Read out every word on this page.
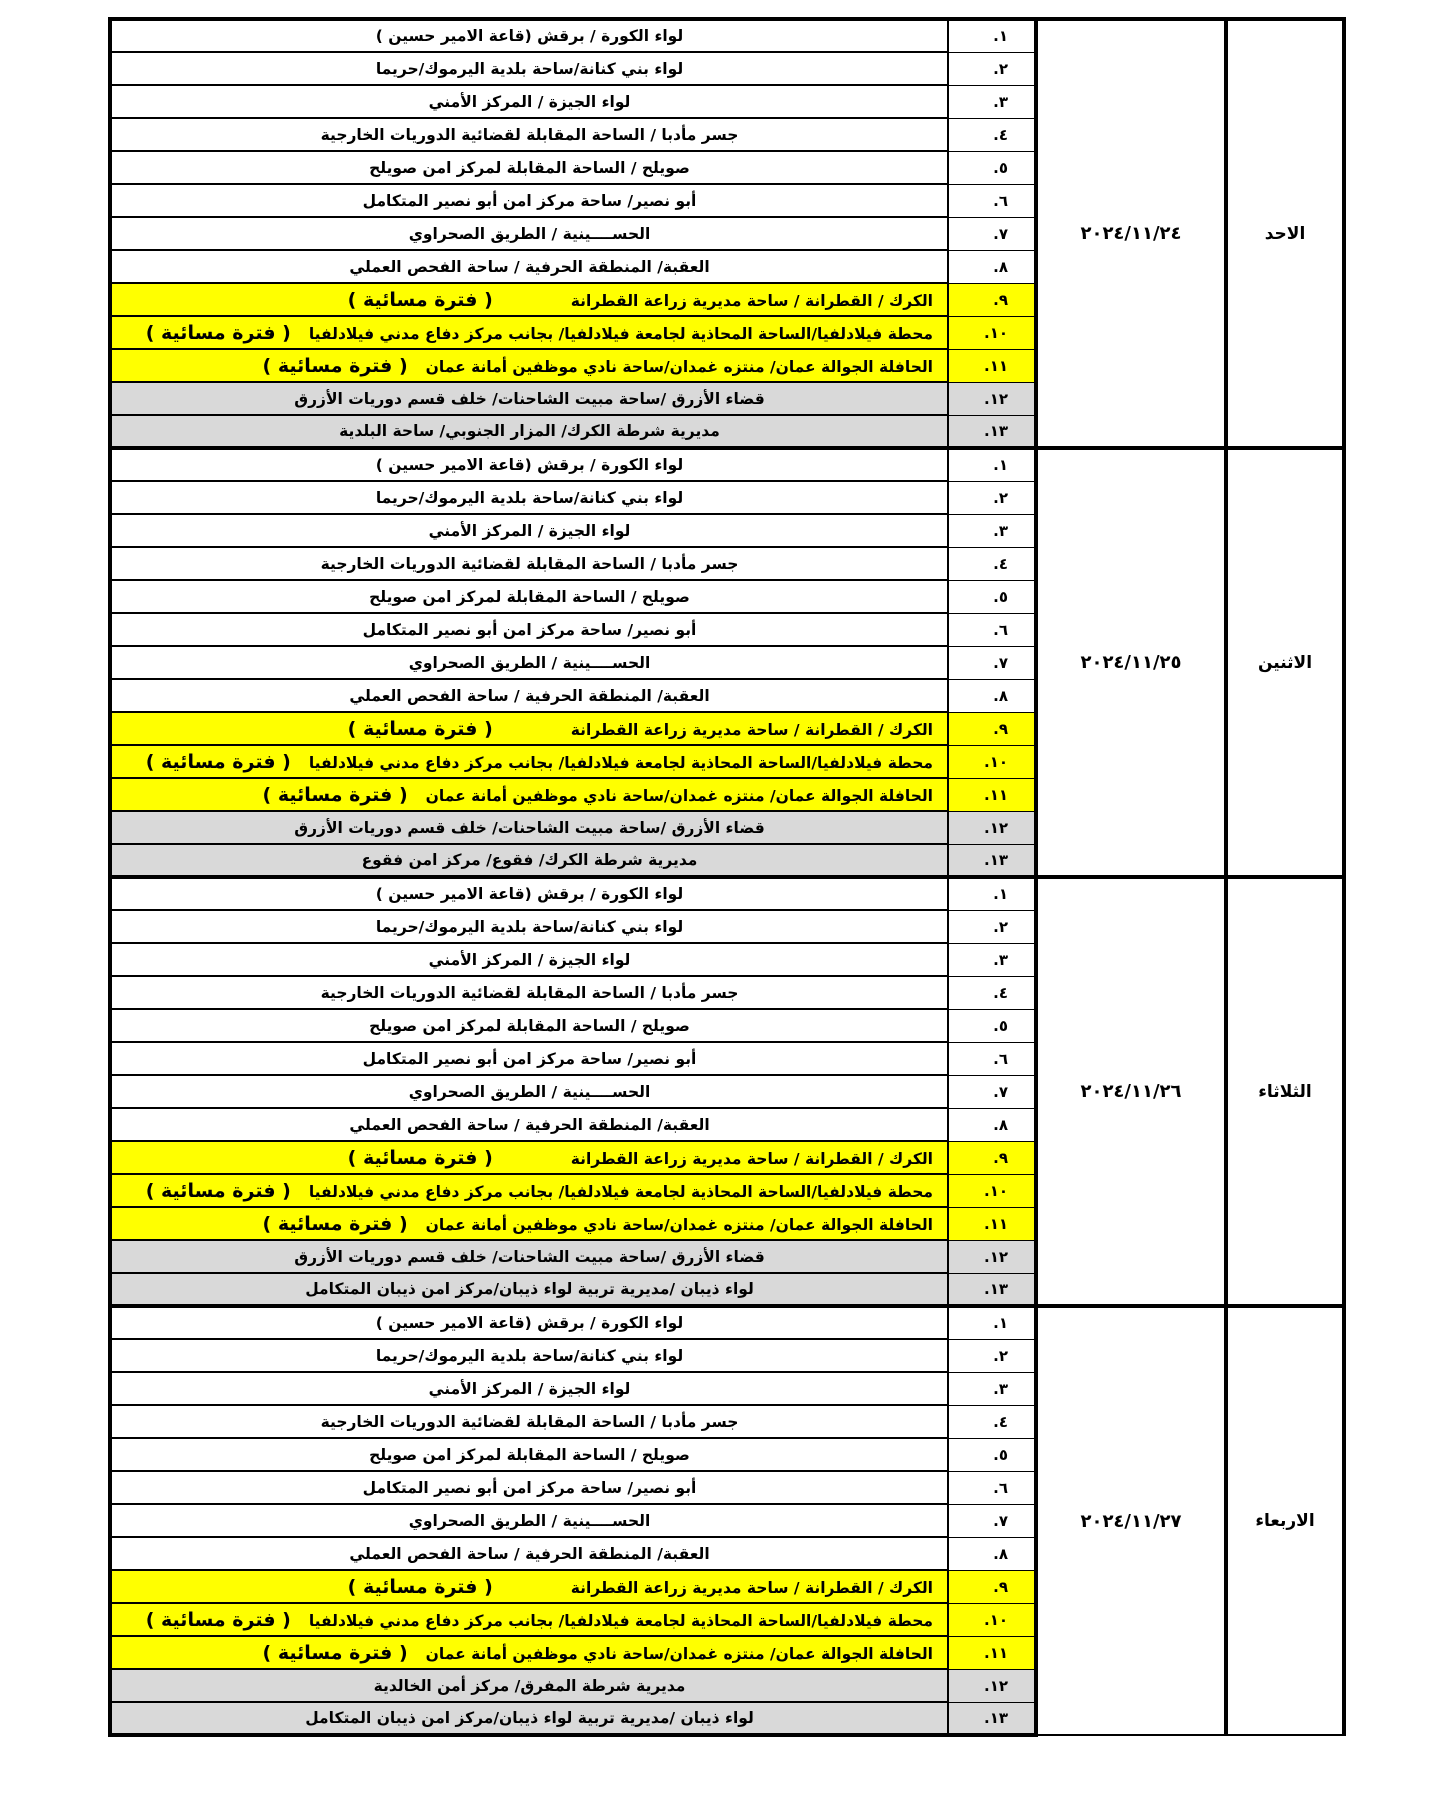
الاحد	٢٠٢٤/١١/٢٤	١.	لواء الكورة / برقش (قاعة الامير حسين )
		٢.	لواء بني كنانة/ساحة بلدية اليرموك/حريما
		٣.	لواء الجيزة / المركز الأمني
		٤.	جسر مأدبا / الساحة المقابلة لقضائية الدوريات الخارجية
		٥.	صويلح / الساحة المقابلة لمركز امن صويلح
		٦.	أبو نصير/ ساحة مركز امن أبو نصير المتكامل
		٧.	الحســــينية / الطريق الصحراوي
		٨.	العقبة/ المنطقة الحرفية / ساحة الفحص العملي
		٩.	الكرك / القطرانة / ساحة مديرية زراعة القطرانة( فترة مسائية )
		١٠.	محطة فيلادلفيا/الساحة المحاذية لجامعة فيلادلفيا/ بجانب مركز دفاع مدني فيلادلفيا( فترة مسائية )
		١١.	الحافلة الجوالة عمان/ منتزه غمدان/ساحة نادي موظفين أمانة عمان( فترة مسائية )
		١٢.	قضاء الأزرق /ساحة مبيت الشاحنات/ خلف قسم دوريات الأزرق
		١٣.	مديرية شرطة الكرك/ المزار الجنوبي/ ساحة البلدية
الاثنين	٢٠٢٤/١١/٢٥	١.	لواء الكورة / برقش (قاعة الامير حسين )
		٢.	لواء بني كنانة/ساحة بلدية اليرموك/حريما
		٣.	لواء الجيزة / المركز الأمني
		٤.	جسر مأدبا / الساحة المقابلة لقضائية الدوريات الخارجية
		٥.	صويلح / الساحة المقابلة لمركز امن صويلح
		٦.	أبو نصير/ ساحة مركز امن أبو نصير المتكامل
		٧.	الحســــينية / الطريق الصحراوي
		٨.	العقبة/ المنطقة الحرفية / ساحة الفحص العملي
		٩.	الكرك / القطرانة / ساحة مديرية زراعة القطرانة( فترة مسائية )
		١٠.	محطة فيلادلفيا/الساحة المحاذية لجامعة فيلادلفيا/ بجانب مركز دفاع مدني فيلادلفيا( فترة مسائية )
		١١.	الحافلة الجوالة عمان/ منتزه غمدان/ساحة نادي موظفين أمانة عمان( فترة مسائية )
		١٢.	قضاء الأزرق /ساحة مبيت الشاحنات/ خلف قسم دوريات الأزرق
		١٣.	مديرية شرطة الكرك/ فقوع/ مركز امن فقوع
الثلاثاء	٢٠٢٤/١١/٢٦	١.	لواء الكورة / برقش (قاعة الامير حسين )
		٢.	لواء بني كنانة/ساحة بلدية اليرموك/حريما
		٣.	لواء الجيزة / المركز الأمني
		٤.	جسر مأدبا / الساحة المقابلة لقضائية الدوريات الخارجية
		٥.	صويلح / الساحة المقابلة لمركز امن صويلح
		٦.	أبو نصير/ ساحة مركز امن أبو نصير المتكامل
		٧.	الحســــينية / الطريق الصحراوي
		٨.	العقبة/ المنطقة الحرفية / ساحة الفحص العملي
		٩.	الكرك / القطرانة / ساحة مديرية زراعة القطرانة( فترة مسائية )
		١٠.	محطة فيلادلفيا/الساحة المحاذية لجامعة فيلادلفيا/ بجانب مركز دفاع مدني فيلادلفيا( فترة مسائية )
		١١.	الحافلة الجوالة عمان/ منتزه غمدان/ساحة نادي موظفين أمانة عمان( فترة مسائية )
		١٢.	قضاء الأزرق /ساحة مبيت الشاحنات/ خلف قسم دوريات الأزرق
		١٣.	لواء ذيبان /مديرية تربية لواء ذيبان/مركز امن ذيبان المتكامل
الاربعاء	٢٠٢٤/١١/٢٧	١.	لواء الكورة / برقش (قاعة الامير حسين )
		٢.	لواء بني كنانة/ساحة بلدية اليرموك/حريما
		٣.	لواء الجيزة / المركز الأمني
		٤.	جسر مأدبا / الساحة المقابلة لقضائية الدوريات الخارجية
		٥.	صويلح / الساحة المقابلة لمركز امن صويلح
		٦.	أبو نصير/ ساحة مركز امن أبو نصير المتكامل
		٧.	الحســــينية / الطريق الصحراوي
		٨.	العقبة/ المنطقة الحرفية / ساحة الفحص العملي
		٩.	الكرك / القطرانة / ساحة مديرية زراعة القطرانة( فترة مسائية )
		١٠.	محطة فيلادلفيا/الساحة المحاذية لجامعة فيلادلفيا/ بجانب مركز دفاع مدني فيلادلفيا( فترة مسائية )
		١١.	الحافلة الجوالة عمان/ منتزه غمدان/ساحة نادي موظفين أمانة عمان( فترة مسائية )
		١٢.	مديرية شرطة المفرق/ مركز أمن الخالدية
		١٣.	لواء ذيبان /مديرية تربية لواء ذيبان/مركز امن ذيبان المتكامل
